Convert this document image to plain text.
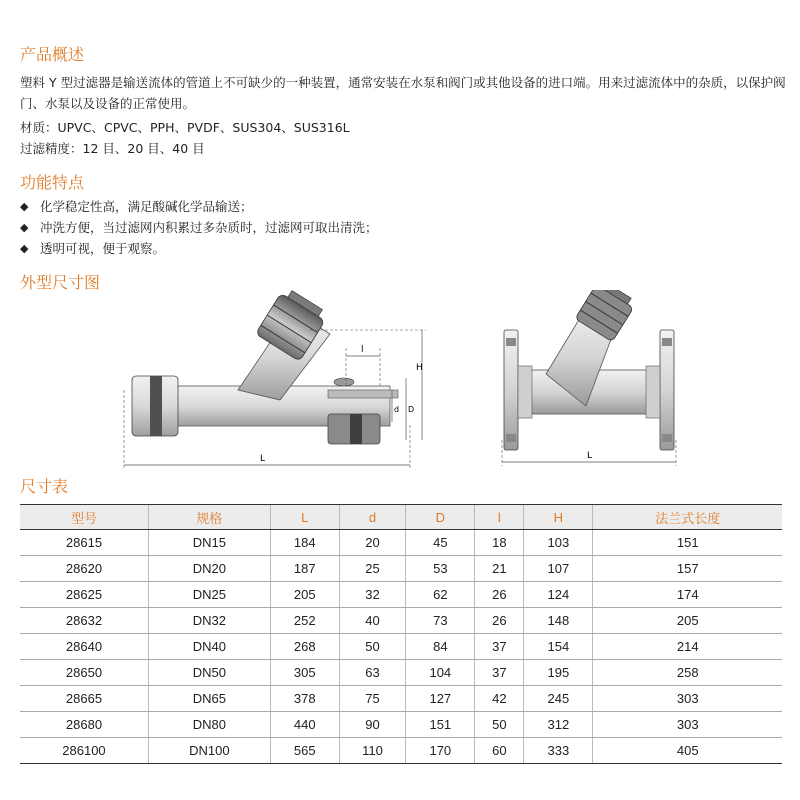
产品概述

塑料 Y 型过滤器是输送流体的管道上不可缺少的一种装置，通常安装在水泵和阀门或其他设备的进口端。用来过滤流体中的杂质，以保护阀门、水泵以及设备的正常使用。

材质：UPVC、CPVC、PPH、PVDF、SUS304、SUS316L

过滤精度：12 目、20 目、40 目

功能特点
◆ 化学稳定性高，满足酸碱化学品输送；
◆ 冲洗方便，当过滤网内积累过多杂质时，过滤网可取出清洗；
◆ 透明可视，便于观察。
外型尺寸图
L
l
d D
H
L
尺寸表
型号	规格	L	d	D	l	H	法兰式长度
28615	DN15	184	20	45	18	103	151
28620	DN20	187	25	53	21	107	157
28625	DN25	205	32	62	26	124	174
28632	DN32	252	40	73	26	148	205
28640	DN40	268	50	84	37	154	214
28650	DN50	305	63	104	37	195	258
28665	DN65	378	75	127	42	245	303
28680	DN80	440	90	151	50	312	303
286100	DN100	565	110	170	60	333	405
